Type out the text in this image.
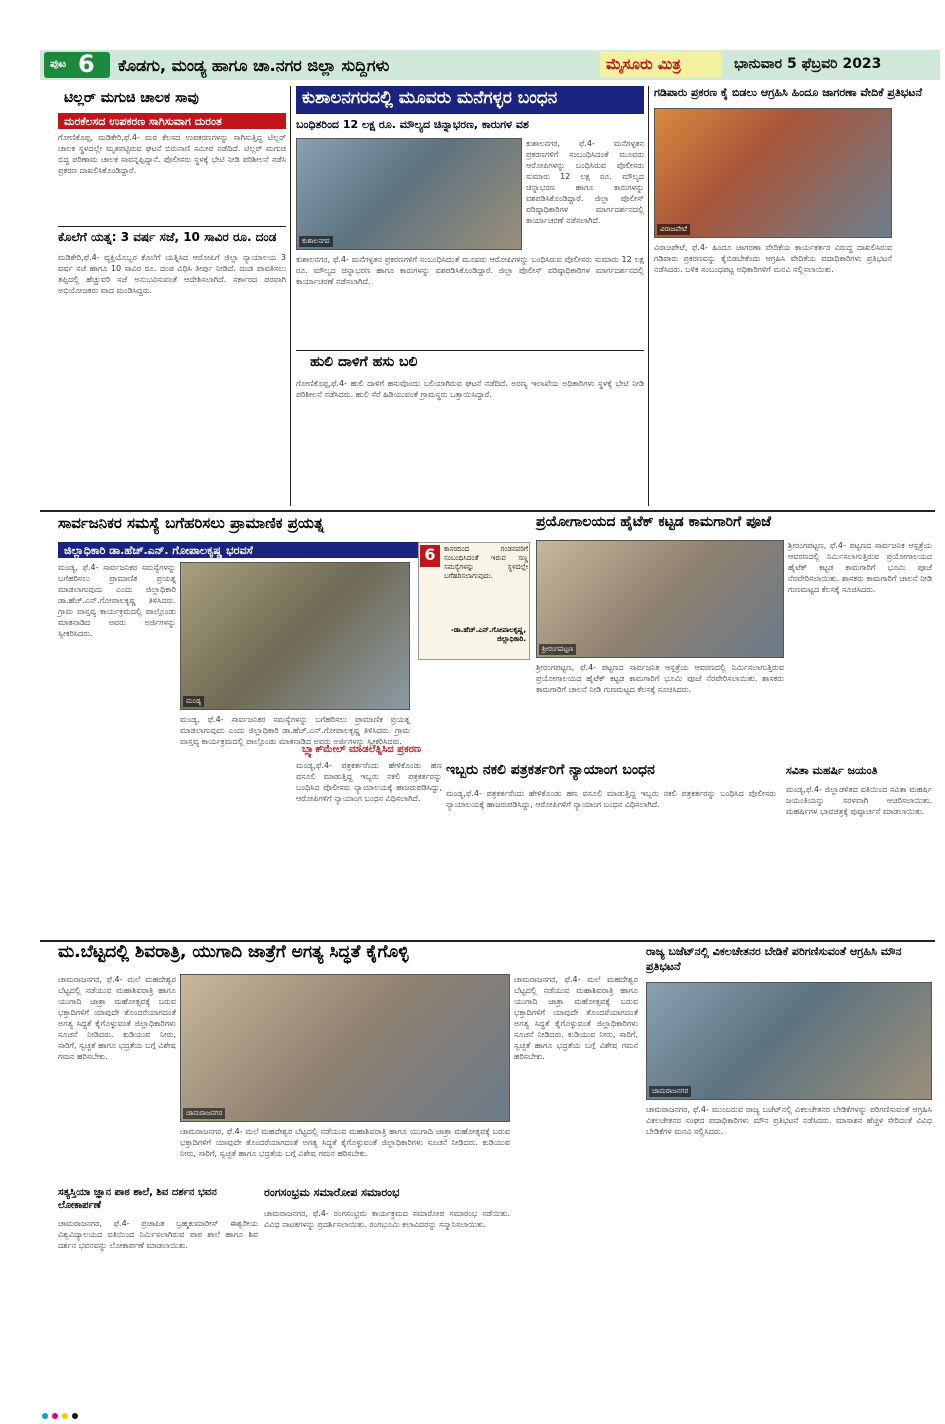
ಪುಟ 6 ಕೊಡಗು, ಮಂಡ್ಯ ಹಾಗೂ ಚಾ.ನಗರ ಜಿಲ್ಲಾ ಸುದ್ದಿಗಳು	ಮೈಸೂರು ಮಿತ್ರ	ಭಾನುವಾರ 5 ಫೆಬ್ರವರಿ 2023
ಟಿಲ್ಲರ್ ಮಗುಚಿ ಚಾಲಕ ಸಾವು
ಮರಕೆಲಸದ ಉಪಕರಣ ಸಾಗಿಸುವಾಗ ದುರಂತ
ಗೋಣಿಕೊಪ್ಪ, ಮಡಿಕೇರಿ,ಫೆ.4- ಮರ ಕೆಲಸದ ಉಪಕರಣಗಳನ್ನು ಸಾಗಿಸುತ್ತಿದ್ದ ಟಿಲ್ಲರ್ ಚಾಲಕ ಸ್ಥಳದಲ್ಲೇ ಮೃತಪಟ್ಟಿರುವ ಘಟನೆ ಬಿರುನಾಣಿ ಸಮೀಪ ನಡೆದಿದೆ. ಟಿಲ್ಲರ್ ಮಗುಚಿ ಬಿದ್ದ ಪರಿಣಾಮ ಚಾಲಕ ಸಾವನ್ನಪ್ಪಿದ್ದಾನೆ. ಪೊಲೀಸರು ಸ್ಥಳಕ್ಕೆ ಭೇಟಿ ನೀಡಿ ಪರಿಶೀಲನೆ ನಡೆಸಿ ಪ್ರಕರಣ ದಾಖಲಿಸಿಕೊಂಡಿದ್ದಾರೆ.
ಕೊಲೆಗೆ ಯತ್ನ: 3 ವರ್ಷ ಸಜೆ, 10 ಸಾವಿರ ರೂ. ದಂಡ
ಮಡಿಕೇರಿ,ಫೆ.4- ವ್ಯಕ್ತಿಯೊಬ್ಬರ ಕೊಲೆಗೆ ಯತ್ನಿಸಿದ ಆರೋಪಿಗೆ ಜಿಲ್ಲಾ ನ್ಯಾಯಾಲಯ 3 ವರ್ಷ ಸಜೆ ಹಾಗೂ 10 ಸಾವಿರ ರೂ. ದಂಡ ವಿಧಿಸಿ ತೀರ್ಪು ನೀಡಿದೆ. ದಂಡ ಪಾವತಿಸಲು ತಪ್ಪಿದಲ್ಲಿ ಹೆಚ್ಚುವರಿ ಸಜೆ ಅನುಭವಿಸುವಂತೆ ಆದೇಶಿಸಲಾಗಿದೆ. ಸರ್ಕಾರದ ಪರವಾಗಿ ಅಭಿಯೋಜಕರು ವಾದ ಮಂಡಿಸಿದ್ದರು.
ಕುಶಾಲನಗರದಲ್ಲಿ ಮೂವರು ಮನೆಗಳ್ಳರ ಬಂಧನ
ಬಂಧಿತರಿಂದ 12 ಲಕ್ಷ ರೂ. ಮೌಲ್ಯದ ಚಿನ್ನಾಭರಣ, ಕಾರುಗಳ ವಶ
ಕುಶಾಲನಗರ
ಕುಶಾಲನಗರ, ಫೆ.4- ಮನೆಗಳ್ಳತನ ಪ್ರಕರಣಗಳಿಗೆ ಸಂಬಂಧಿಸಿದಂತೆ ಮೂವರು ಆರೋಪಿಗಳನ್ನು ಬಂಧಿಸಿರುವ ಪೊಲೀಸರು ಸುಮಾರು 12 ಲಕ್ಷ ರೂ. ಮೌಲ್ಯದ ಚಿನ್ನಾಭರಣ ಹಾಗೂ ಕಾರುಗಳನ್ನು ವಶಪಡಿಸಿಕೊಂಡಿದ್ದಾರೆ. ಜಿಲ್ಲಾ ಪೊಲೀಸ್ ವರಿಷ್ಠಾಧಿಕಾರಿಗಳ ಮಾರ್ಗದರ್ಶನದಲ್ಲಿ ಕಾರ್ಯಾಚರಣೆ ನಡೆಸಲಾಗಿದೆ.
ಕುಶಾಲನಗರ, ಫೆ.4- ಮನೆಗಳ್ಳತನ ಪ್ರಕರಣಗಳಿಗೆ ಸಂಬಂಧಿಸಿದಂತೆ ಮೂವರು ಆರೋಪಿಗಳನ್ನು ಬಂಧಿಸಿರುವ ಪೊಲೀಸರು ಸುಮಾರು 12 ಲಕ್ಷ ರೂ. ಮೌಲ್ಯದ ಚಿನ್ನಾಭರಣ ಹಾಗೂ ಕಾರುಗಳನ್ನು ವಶಪಡಿಸಿಕೊಂಡಿದ್ದಾರೆ. ಜಿಲ್ಲಾ ಪೊಲೀಸ್ ವರಿಷ್ಠಾಧಿಕಾರಿಗಳ ಮಾರ್ಗದರ್ಶನದಲ್ಲಿ ಕಾರ್ಯಾಚರಣೆ ನಡೆಸಲಾಗಿದೆ.
ಹುಲಿ ದಾಳಿಗೆ ಹಸು ಬಲಿ
ಗೋಣಿಕೊಪ್ಪ,ಫೆ.4- ಹುಲಿ ದಾಳಿಗೆ ಹಸುವೊಂದು ಬಲಿಯಾಗಿರುವ ಘಟನೆ ನಡೆದಿದೆ. ಅರಣ್ಯ ಇಲಾಖೆಯ ಅಧಿಕಾರಿಗಳು ಸ್ಥಳಕ್ಕೆ ಭೇಟಿ ನೀಡಿ ಪರಿಶೀಲನೆ ನಡೆಸಿದರು. ಹುಲಿ ಸೆರೆ ಹಿಡಿಯುವಂತೆ ಗ್ರಾಮಸ್ಥರು ಒತ್ತಾಯಿಸಿದ್ದಾರೆ.
ಗಡಿಪಾರು ಪ್ರಕರಣ ಕೈ ಬಿಡಲು ಆಗ್ರಹಿಸಿ ಹಿಂದೂ ಜಾಗರಣಾ ವೇದಿಕೆ ಪ್ರತಿಭಟನೆ
ವಿರಾಜಪೇಟೆ
ವಿರಾಜಪೇಟೆ, ಫೆ.4- ಹಿಂದೂ ಜಾಗರಣಾ ವೇದಿಕೆಯ ಕಾರ್ಯಕರ್ತರ ವಿರುದ್ಧ ದಾಖಲಿಸಿರುವ ಗಡಿಪಾರು ಪ್ರಕರಣವನ್ನು ಕೈಬಿಡಬೇಕೆಂದು ಆಗ್ರಹಿಸಿ ವೇದಿಕೆಯ ಪದಾಧಿಕಾರಿಗಳು ಪ್ರತಿಭಟನೆ ನಡೆಸಿದರು. ಬಳಿಕ ಸಂಬಂಧಪಟ್ಟ ಅಧಿಕಾರಿಗಳಿಗೆ ಮನವಿ ಸಲ್ಲಿಸಲಾಯಿತು.
ಸಾರ್ವಜನಿಕರ ಸಮಸ್ಯೆ ಬಗೆಹರಿಸಲು ಪ್ರಾಮಾಣಿಕ ಪ್ರಯತ್ನ
ಜಿಲ್ಲಾಧಿಕಾರಿ ಡಾ.ಹೆಚ್.ಎನ್. ಗೋಪಾಲಕೃಷ್ಣ ಭರವಸೆ
ಮಂಡ್ಯ, ಫೆ.4- ಸಾರ್ವಜನಿಕರ ಸಮಸ್ಯೆಗಳನ್ನು ಬಗೆಹರಿಸಲು ಪ್ರಾಮಾಣಿಕ ಪ್ರಯತ್ನ ಮಾಡಲಾಗುವುದು ಎಂದು ಜಿಲ್ಲಾಧಿಕಾರಿ ಡಾ.ಹೆಚ್.ಎನ್.ಗೋಪಾಲಕೃಷ್ಣ ತಿಳಿಸಿದರು. ಗ್ರಾಮ ವಾಸ್ತವ್ಯ ಕಾರ್ಯಕ್ರಮದಲ್ಲಿ ಪಾಲ್ಗೊಂಡು ಮಾತನಾಡಿದ ಅವರು ಅರ್ಜಿಗಳನ್ನು ಸ್ವೀಕರಿಸಿದರು.
ಮಂಡ್ಯ
ಮಂಡ್ಯ, ಫೆ.4- ಸಾರ್ವಜನಿಕರ ಸಮಸ್ಯೆಗಳನ್ನು ಬಗೆಹರಿಸಲು ಪ್ರಾಮಾಣಿಕ ಪ್ರಯತ್ನ ಮಾಡಲಾಗುವುದು ಎಂದು ಜಿಲ್ಲಾಧಿಕಾರಿ ಡಾ.ಹೆಚ್.ಎನ್.ಗೋಪಾಲಕೃಷ್ಣ ತಿಳಿಸಿದರು. ಗ್ರಾಮ ವಾಸ್ತವ್ಯ ಕಾರ್ಯಕ್ರಮದಲ್ಲಿ ಪಾಲ್ಗೊಂಡು ಮಾತನಾಡಿದ ಅವರು ಅರ್ಜಿಗಳನ್ನು ಸ್ವೀಕರಿಸಿದರು.
6	ಕಾಸರದಿಂದ ಗಂಡನವರಿಗೆ ಸಂಬಂಧಿಸಿದಂತೆ ಇರುವ ಸಣ್ಣ ಸಮಸ್ಯೆಗಳನ್ನು ಸ್ಥಳದಲ್ಲೇ ಬಗೆಹರಿಸಲಾಗುವುದು.
-ಡಾ.ಹೆಚ್.ಎನ್.ಗೋಪಾಲಕೃಷ್ಣ, ಜಿಲ್ಲಾಧಿಕಾರಿ.
ಬ್ಲ್ಯಾಕ್‌ಮೇಲ್ ಮಾಡಲೆತ್ನಿಸಿದ ಪ್ರಕರಣ
ಪ್ರಯೋಗಾಲಯದ ಹೈಟೆಕ್ ಕಟ್ಟಡ ಕಾಮಗಾರಿಗೆ ಪೂಜೆ
ಶ್ರೀರಂಗಪಟ್ಟಣ
ಶ್ರೀರಂಗಪಟ್ಟಣ, ಫೆ.4- ಪಟ್ಟಣದ ಸಾರ್ವಜನಿಕ ಆಸ್ಪತ್ರೆಯ ಆವರಣದಲ್ಲಿ ನಿರ್ಮಿಸಲಾಗುತ್ತಿರುವ ಪ್ರಯೋಗಾಲಯದ ಹೈಟೆಕ್ ಕಟ್ಟಡ ಕಾಮಗಾರಿಗೆ ಭೂಮಿ ಪೂಜೆ ನೆರವೇರಿಸಲಾಯಿತು. ಶಾಸಕರು ಕಾಮಗಾರಿಗೆ ಚಾಲನೆ ನೀಡಿ ಗುಣಮಟ್ಟದ ಕೆಲಸಕ್ಕೆ ಸೂಚಿಸಿದರು.
ಶ್ರೀರಂಗಪಟ್ಟಣ, ಫೆ.4- ಪಟ್ಟಣದ ಸಾರ್ವಜನಿಕ ಆಸ್ಪತ್ರೆಯ ಆವರಣದಲ್ಲಿ ನಿರ್ಮಿಸಲಾಗುತ್ತಿರುವ ಪ್ರಯೋಗಾಲಯದ ಹೈಟೆಕ್ ಕಟ್ಟಡ ಕಾಮಗಾರಿಗೆ ಭೂಮಿ ಪೂಜೆ ನೆರವೇರಿಸಲಾಯಿತು. ಶಾಸಕರು ಕಾಮಗಾರಿಗೆ ಚಾಲನೆ ನೀಡಿ ಗುಣಮಟ್ಟದ ಕೆಲಸಕ್ಕೆ ಸೂಚಿಸಿದರು.
ಇಬ್ಬರು ನಕಲಿ ಪತ್ರಕರ್ತರಿಗೆ ನ್ಯಾಯಾಂಗ ಬಂಧನ
ಮಂಡ್ಯ,ಫೆ.4- ಪತ್ರಕರ್ತರೆಂದು ಹೇಳಿಕೊಂಡು ಹಣ ವಸೂಲಿ ಮಾಡುತ್ತಿದ್ದ ಇಬ್ಬರು ನಕಲಿ ಪತ್ರಕರ್ತರನ್ನು ಬಂಧಿಸಿದ ಪೊಲೀಸರು ನ್ಯಾಯಾಲಯಕ್ಕೆ ಹಾಜರುಪಡಿಸಿದ್ದು, ಆರೋಪಿಗಳಿಗೆ ನ್ಯಾಯಾಂಗ ಬಂಧನ ವಿಧಿಸಲಾಗಿದೆ.
ಮಂಡ್ಯ,ಫೆ.4- ಪತ್ರಕರ್ತರೆಂದು ಹೇಳಿಕೊಂಡು ಹಣ ವಸೂಲಿ ಮಾಡುತ್ತಿದ್ದ ಇಬ್ಬರು ನಕಲಿ ಪತ್ರಕರ್ತರನ್ನು ಬಂಧಿಸಿದ ಪೊಲೀಸರು ನ್ಯಾಯಾಲಯಕ್ಕೆ ಹಾಜರುಪಡಿಸಿದ್ದು, ಆರೋಪಿಗಳಿಗೆ ನ್ಯಾಯಾಂಗ ಬಂಧನ ವಿಧಿಸಲಾಗಿದೆ.
ಸವಿತಾ ಮಹರ್ಷಿ ಜಯಂತಿ
ಮಂಡ್ಯ,ಫೆ.4- ಜಿಲ್ಲಾಡಳಿತದ ವತಿಯಿಂದ ಸವಿತಾ ಮಹರ್ಷಿ ಜಯಂತಿಯನ್ನು ಸರಳವಾಗಿ ಆಚರಿಸಲಾಯಿತು. ಮಹರ್ಷಿಗಳ ಭಾವಚಿತ್ರಕ್ಕೆ ಪುಷ್ಪಾರ್ಚನೆ ಮಾಡಲಾಯಿತು.
ಮ.ಬೆಟ್ಟದಲ್ಲಿ ಶಿವರಾತ್ರಿ, ಯುಗಾದಿ ಜಾತ್ರೆಗೆ ಅಗತ್ಯ ಸಿದ್ಧತೆ ಕೈಗೊಳ್ಳಿ
ಚಾಮರಾಜನಗರ, ಫೆ.4- ಮಲೆ ಮಹದೇಶ್ವರ ಬೆಟ್ಟದಲ್ಲಿ ನಡೆಯುವ ಮಹಾಶಿವರಾತ್ರಿ ಹಾಗೂ ಯುಗಾದಿ ಜಾತ್ರಾ ಮಹೋತ್ಸವಕ್ಕೆ ಬರುವ ಭಕ್ತಾದಿಗಳಿಗೆ ಯಾವುದೇ ತೊಂದರೆಯಾಗದಂತೆ ಅಗತ್ಯ ಸಿದ್ಧತೆ ಕೈಗೊಳ್ಳುವಂತೆ ಜಿಲ್ಲಾಧಿಕಾರಿಗಳು ಸೂಚನೆ ನೀಡಿದರು. ಕುಡಿಯುವ ನೀರು, ಸಾರಿಗೆ, ಸ್ವಚ್ಛತೆ ಹಾಗೂ ಭದ್ರತೆಯ ಬಗ್ಗೆ ವಿಶೇಷ ಗಮನ ಹರಿಸಬೇಕು.
ಚಾಮರಾಜನಗರ
ಚಾಮರಾಜನಗರ, ಫೆ.4- ಮಲೆ ಮಹದೇಶ್ವರ ಬೆಟ್ಟದಲ್ಲಿ ನಡೆಯುವ ಮಹಾಶಿವರಾತ್ರಿ ಹಾಗೂ ಯುಗಾದಿ ಜಾತ್ರಾ ಮಹೋತ್ಸವಕ್ಕೆ ಬರುವ ಭಕ್ತಾದಿಗಳಿಗೆ ಯಾವುದೇ ತೊಂದರೆಯಾಗದಂತೆ ಅಗತ್ಯ ಸಿದ್ಧತೆ ಕೈಗೊಳ್ಳುವಂತೆ ಜಿಲ್ಲಾಧಿಕಾರಿಗಳು ಸೂಚನೆ ನೀಡಿದರು. ಕುಡಿಯುವ ನೀರು, ಸಾರಿಗೆ, ಸ್ವಚ್ಛತೆ ಹಾಗೂ ಭದ್ರತೆಯ ಬಗ್ಗೆ ವಿಶೇಷ ಗಮನ ಹರಿಸಬೇಕು.
ಚಾಮರಾಜನಗರ, ಫೆ.4- ಮಲೆ ಮಹದೇಶ್ವರ ಬೆಟ್ಟದಲ್ಲಿ ನಡೆಯುವ ಮಹಾಶಿವರಾತ್ರಿ ಹಾಗೂ ಯುಗಾದಿ ಜಾತ್ರಾ ಮಹೋತ್ಸವಕ್ಕೆ ಬರುವ ಭಕ್ತಾದಿಗಳಿಗೆ ಯಾವುದೇ ತೊಂದರೆಯಾಗದಂತೆ ಅಗತ್ಯ ಸಿದ್ಧತೆ ಕೈಗೊಳ್ಳುವಂತೆ ಜಿಲ್ಲಾಧಿಕಾರಿಗಳು ಸೂಚನೆ ನೀಡಿದರು. ಕುಡಿಯುವ ನೀರು, ಸಾರಿಗೆ, ಸ್ವಚ್ಛತೆ ಹಾಗೂ ಭದ್ರತೆಯ ಬಗ್ಗೆ ವಿಶೇಷ ಗಮನ ಹರಿಸಬೇಕು.
ಸತ್ಯಸ್ತಿಯಾ ಜ್ಞಾನ ಪಾಠ ಶಾಲೆ, ಶಿವ ದರ್ಶನ ಭವನ ಲೋಕಾರ್ಪಣೆ
ಚಾಮರಾಜನಗರ, ಫೆ.4- ಪ್ರಜಾಪಿತ ಬ್ರಹ್ಮಕುಮಾರೀಸ್ ಈಶ್ವರೀಯ ವಿಶ್ವವಿದ್ಯಾಲಯದ ವತಿಯಿಂದ ನಿರ್ಮಿಸಲಾಗಿರುವ ಪಾಠ ಶಾಲೆ ಹಾಗೂ ಶಿವ ದರ್ಶನ ಭವನವನ್ನು ಲೋಕಾರ್ಪಣೆ ಮಾಡಲಾಯಿತು.
ರಂಗಸಂಭ್ರಮ ಸಮಾರೋಪ ಸಮಾರಂಭ
ಚಾಮರಾಜನಗರ, ಫೆ.4- ರಂಗಸಂಭ್ರಮ ಕಾರ್ಯಕ್ರಮದ ಸಮಾರೋಪ ಸಮಾರಂಭ ನಡೆಯಿತು. ವಿವಿಧ ನಾಟಕಗಳನ್ನು ಪ್ರದರ್ಶಿಸಲಾಯಿತು. ರಂಗಭೂಮಿ ಕಲಾವಿದರನ್ನು ಸನ್ಮಾನಿಸಲಾಯಿತು.
ರಾಜ್ಯ ಬಜೆಟ್‌ನಲ್ಲಿ ವಿಕಲಚೇತನರ ಬೇಡಿಕೆ ಪರಿಗಣಿಸುವಂತೆ ಆಗ್ರಹಿಸಿ ಮೌನ ಪ್ರತಿಭಟನೆ
ಚಾಮರಾಜನಗರ
ಚಾಮರಾಜನಗರ, ಫೆ.4- ಮುಂಬರುವ ರಾಜ್ಯ ಬಜೆಟ್‌ನಲ್ಲಿ ವಿಕಲಚೇತನರ ಬೇಡಿಕೆಗಳನ್ನು ಪರಿಗಣಿಸುವಂತೆ ಆಗ್ರಹಿಸಿ ವಿಕಲಚೇತನರ ಸಂಘದ ಪದಾಧಿಕಾರಿಗಳು ಮೌನ ಪ್ರತಿಭಟನೆ ನಡೆಸಿದರು. ಮಾಸಾಶನ ಹೆಚ್ಚಳ ಸೇರಿದಂತೆ ವಿವಿಧ ಬೇಡಿಕೆಗಳ ಮನವಿ ಸಲ್ಲಿಸಿದರು.
